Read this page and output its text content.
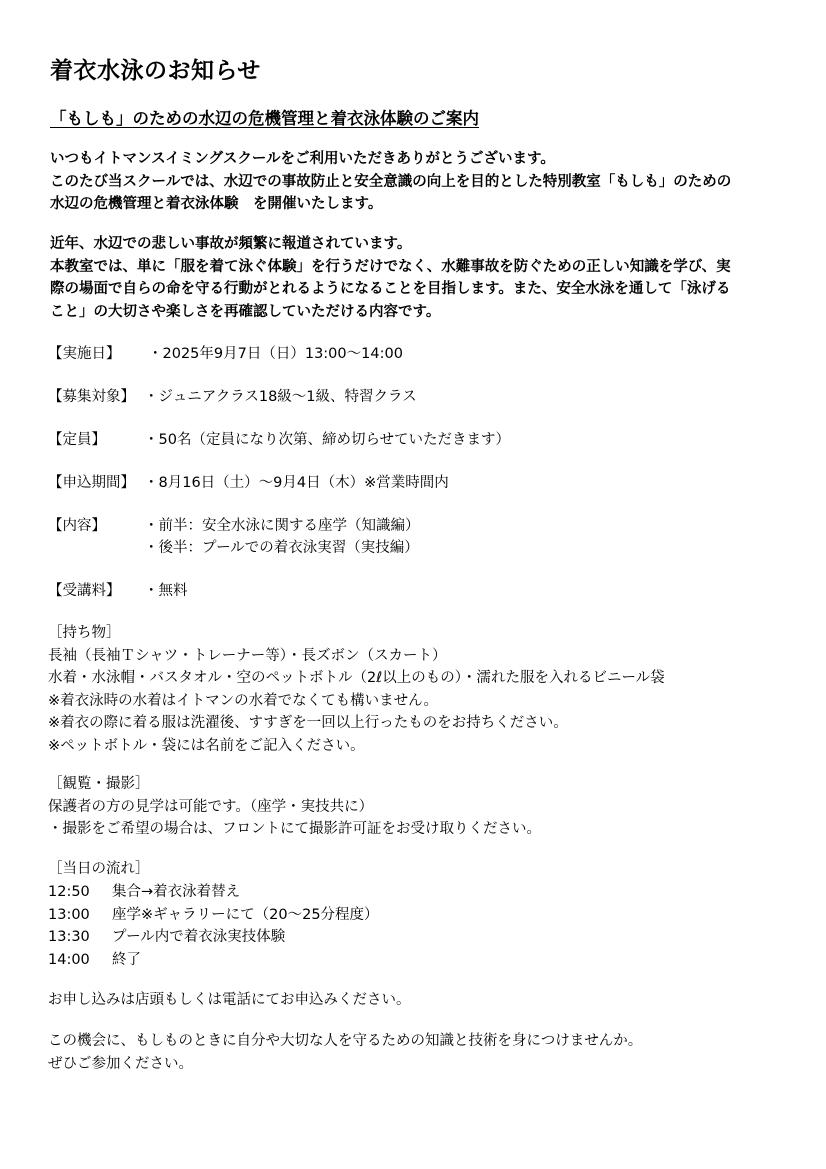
着衣水泳のお知らせ
「もしも」のための水辺の危機管理と着衣泳体験のご案内
いつもイトマンスイミングスクールをご利用いただきありがとうございます。
このたび当スクールでは、水辺での事故防止と安全意識の向上を目的とした特別教室「もしも」のための
水辺の危機管理と着衣泳体験　を開催いたします。
近年、水辺での悲しい事故が頻繁に報道されています。
本教室では、単に「服を着て泳ぐ体験」を行うだけでなく、水難事故を防ぐための正しい知識を学び、実
際の場面で自らの命を守る行動がとれるようになることを目指します。また、安全水泳を通して「泳げる
こと」の大切さや楽しさを再確認していただける内容です。
【実施日】 ・2025年9月7日（日）13:00～14:00
【募集対象】 ・ジュニアクラス18級～1級、特習クラス
【定員】	・50名（定員になり次第、締め切らせていただきます）
【申込期間】 ・8月16日（土）～9月4日（木）※営業時間内
【内容】	・前半：安全水泳に関する座学（知識編）
・後半：プールでの着衣泳実習（実技編）
【受講料】 ・無料
［持ち物］
長袖（長袖Ｔシャツ・トレーナー等）・長ズボン（スカート）
水着・水泳帽・バスタオル・空のペットボトル（2ℓ以上のもの）・濡れた服を入れるビニール袋
※着衣泳時の水着はイトマンの水着でなくても構いません。
※着衣の際に着る服は洗濯後、すすぎを一回以上行ったものをお持ちください。
※ペットボトル・袋には名前をご記入ください。
［観覧・撮影］
保護者の方の見学は可能です。（座学・実技共に）
・撮影をご希望の場合は、フロントにて撮影許可証をお受け取りください。
［当日の流れ］
12:50 集合→着衣泳着替え
13:00 座学※ギャラリーにて（20～25分程度）
13:30 プール内で着衣泳実技体験
14:00 終了
お申し込みは店頭もしくは電話にてお申込みください。
この機会に、もしものときに自分や大切な人を守るための知識と技術を身につけませんか。
ぜひご参加ください。
